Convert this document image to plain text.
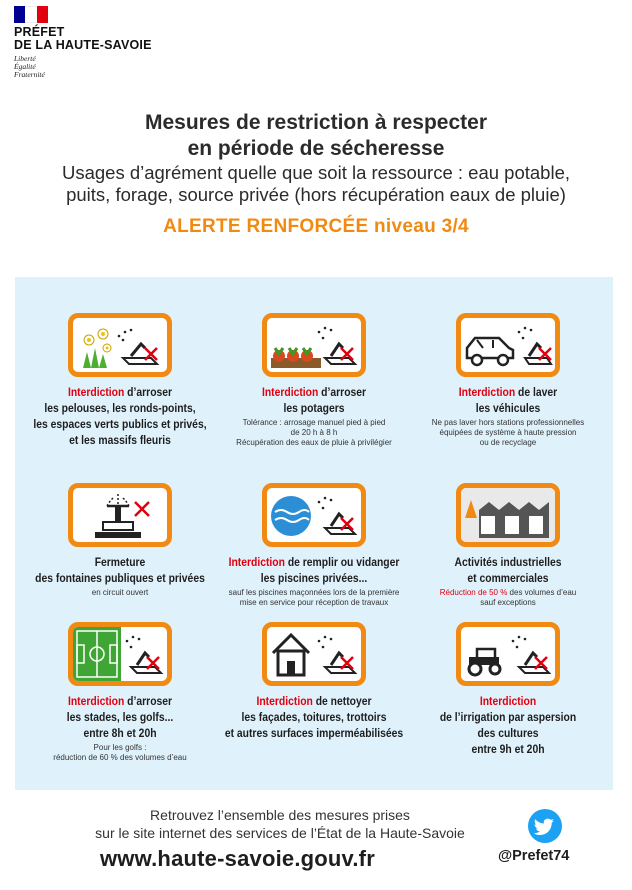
PRÉFET
DE LA HAUTE-SAVOIE
Liberté
Égalité
Fraternité
Mesures de restriction à respecter
en période de sécheresse
Usages d’agrément quelle que soit la ressource : eau potable,
puits, forage, source privée (hors récupération eaux de pluie)
ALERTE RENFORCÉE niveau 3/4
Interdiction d’arroser
les pelouses, les ronds-points,
les espaces verts publics et privés,
et les massifs fleuris
Interdiction d’arroser
les potagers
Tolérance : arrosage manuel pied à pied
de 20 h à 8 h
Récupération des eaux de pluie à privilégier
Interdiction de laver
les véhicules
Ne pas laver hors stations professionnelles
équipées de système à haute pression
ou de recyclage
Fermeture
des fontaines publiques et privées
en circuit ouvert
Interdiction de remplir ou vidanger
les piscines privées...
sauf les piscines maçonnées lors de la première
mise en service pour réception de travaux
Activités industrielles
et commerciales
Réduction de 50 % des volumes d’eau
sauf exceptions
Interdiction d’arroser
les stades, les golfs...
entre 8h et 20h
Pour les golfs :
réduction de 60 % des volumes d’eau
Interdiction de nettoyer
les façades, toitures, trottoirs
et autres surfaces imperméabilisées
Interdiction
de l’irrigation par aspersion
des cultures
entre 9h et 20h
Retrouvez l’ensemble des mesures prises
sur le site internet des services de l’État de la Haute-Savoie
www.haute-savoie.gouv.fr	@Prefet74
